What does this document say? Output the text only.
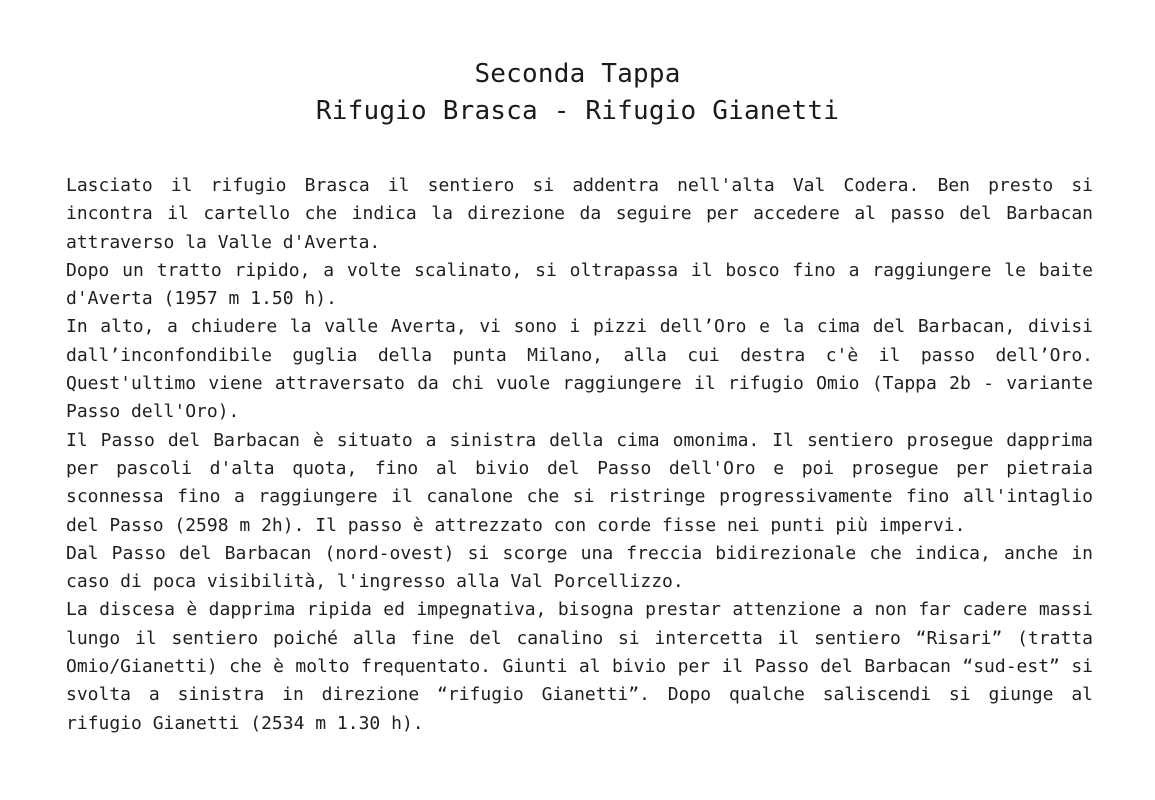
Seconda Tappa
Rifugio Brasca - Rifugio Gianetti

Lasciato il rifugio Brasca il sentiero si addentra nell'alta Val Codera. Ben presto si incontra il cartello che indica la direzione da seguire per accedere al passo del Barbacan attraverso la Valle d'Averta.

Dopo un tratto ripido, a volte scalinato, si oltrapassa il bosco fino a raggiungere le baite d'Averta (1957 m 1.50 h).

In alto, a chiudere la valle Averta, vi sono i pizzi dell’Oro e la cima del Barbacan, divisi dall’inconfondibile guglia della punta Milano, alla cui destra c'è il passo dell’Oro. Quest'ultimo viene attraversato da chi vuole raggiungere il rifugio Omio (Tappa 2b - variante Passo dell'Oro).

Il Passo del Barbacan è situato a sinistra della cima omonima. Il sentiero prosegue dapprima per pascoli d'alta quota, fino al bivio del Passo dell'Oro e poi prosegue per pietraia sconnessa fino a raggiungere il canalone che si ristringe progressivamente fino all'intaglio del Passo (2598 m 2h). Il passo è attrezzato con corde fisse nei punti più impervi.

Dal Passo del Barbacan (nord-ovest) si scorge una freccia bidirezionale che indica, anche in caso di poca visibilità, l'ingresso alla Val Porcellizzo.

La discesa è dapprima ripida ed impegnativa, bisogna prestar attenzione a non far cadere massi lungo il sentiero poiché alla fine del canalino si intercetta il sentiero “Risari” (tratta Omio/Gianetti) che è molto frequentato. Giunti al bivio per il Passo del Barbacan “sud-est” si svolta a sinistra in direzione “rifugio Gianetti”. Dopo qualche saliscendi si giunge al rifugio Gianetti (2534 m 1.30 h).
